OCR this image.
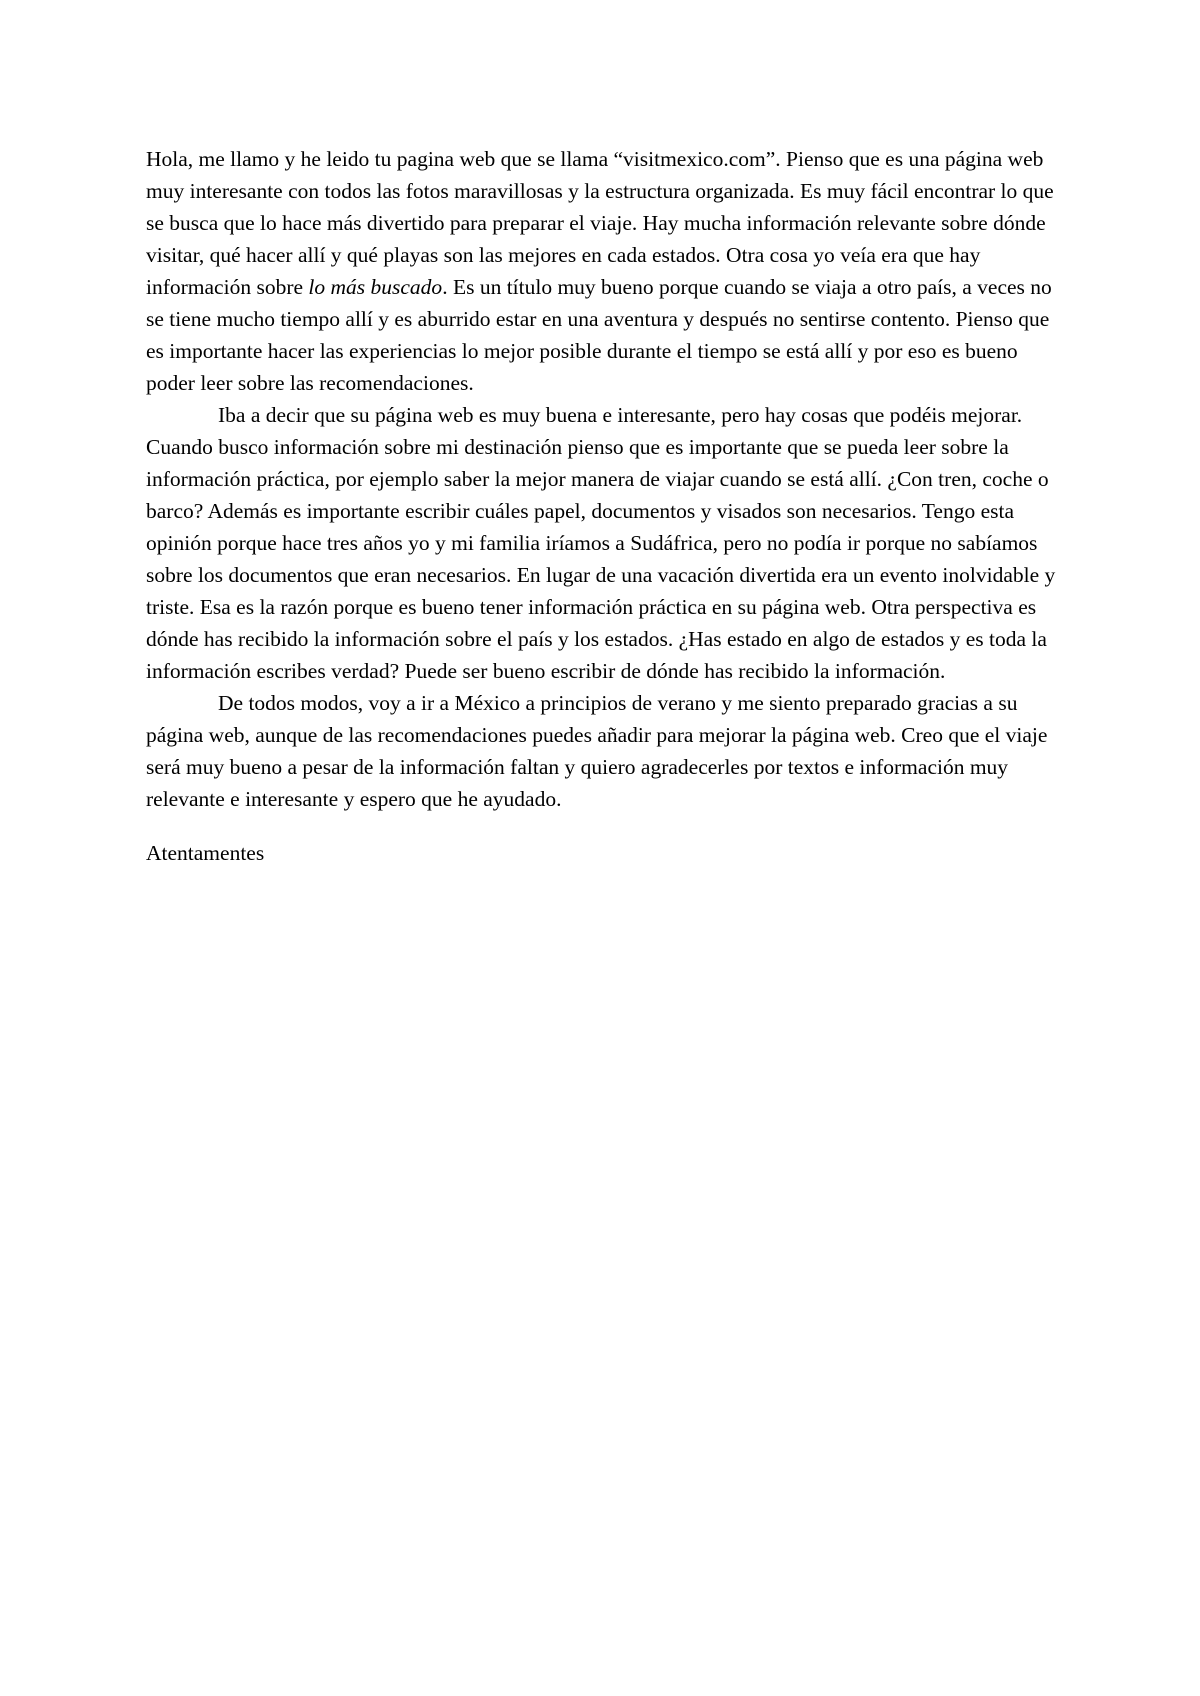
Hola, me llamo y he leido tu pagina web que se llama “visitmexico.com”. Pienso que es una página web muy interesante con todos las fotos maravillosas y la estructura organizada. Es muy fácil encontrar lo que se busca que lo hace más divertido para preparar el viaje. Hay mucha información relevante sobre dónde visitar, qué hacer allí y qué playas son las mejores en cada estados. Otra cosa yo veía era que hay información sobre lo más buscado. Es un título muy bueno porque cuando se viaja a otro país, a veces no se tiene mucho tiempo allí y es aburrido estar en una aventura y después no sentirse contento. Pienso que es importante hacer las experiencias lo mejor posible durante el tiempo se está allí y por eso es bueno poder leer sobre las recomendaciones.

Iba a decir que su página web es muy buena e interesante, pero hay cosas que podéis mejorar. Cuando busco información sobre mi destinación pienso que es importante que se pueda leer sobre la información práctica, por ejemplo saber la mejor manera de viajar cuando se está allí. ¿Con tren, coche o barco? Además es importante escribir cuáles papel, documentos y visados son necesarios. Tengo esta opinión porque hace tres años yo y mi familia iríamos a Sudáfrica, pero no podía ir porque no sabíamos sobre los documentos que eran necesarios. En lugar de una vacación divertida era un evento inolvidable y triste. Esa es la razón porque es bueno tener información práctica en su página web. Otra perspectiva es dónde has recibido la información sobre el país y los estados. ¿Has estado en algo de estados y es toda la información escribes verdad? Puede ser bueno escribir de dónde has recibido la información.

De todos modos, voy a ir a México a principios de verano y me siento preparado gracias a su página web, aunque de las recomendaciones puedes añadir para mejorar la página web. Creo que el viaje será muy bueno a pesar de la información faltan y quiero agradecerles por textos e información muy relevante e interesante y espero que he ayudado.

Atentamentes
